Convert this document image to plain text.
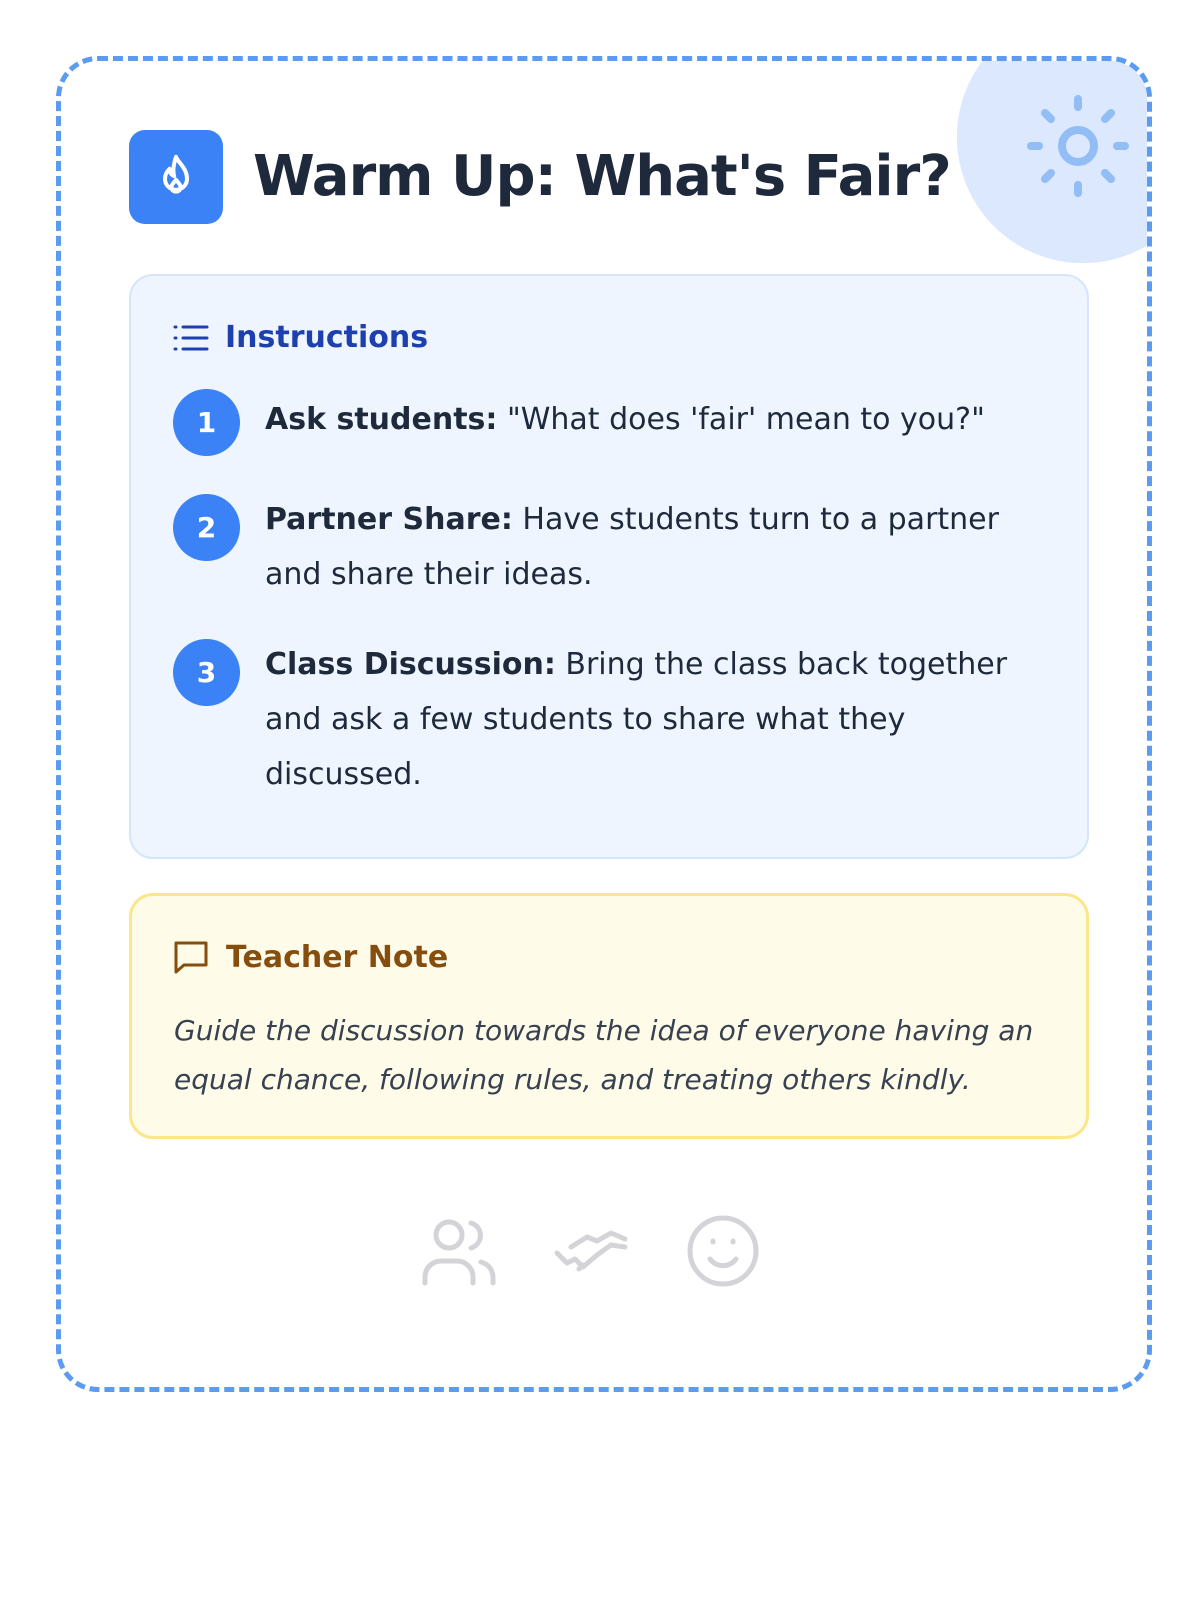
Warm Up: What's Fair?
Instructions
1	Ask students: "What does 'fair' mean to you?"
2	Partner Share: Have students turn to a partner and share their ideas.
3	Class Discussion: Bring the class back together and ask a few students to share what they discussed.
Teacher Note
Guide the discussion towards the idea of everyone having an equal chance, following rules, and treating others kindly.
